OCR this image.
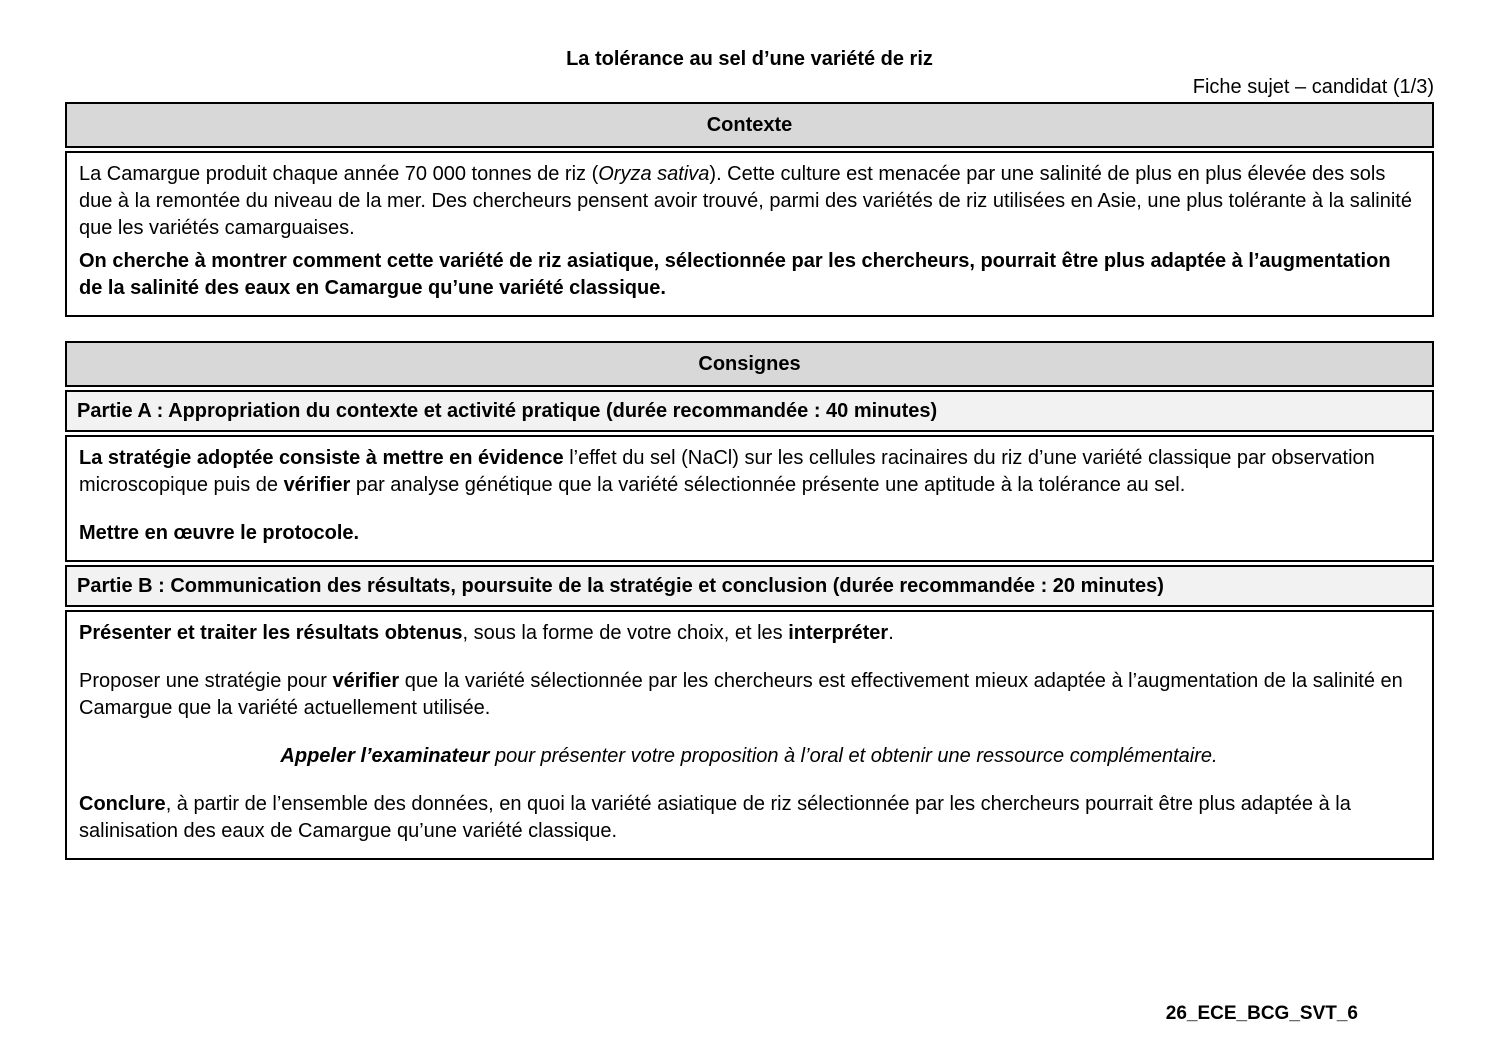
La tolérance au sel d’une variété de riz
Fiche sujet – candidat (1/3)
Contexte

La Camargue produit chaque année 70 000 tonnes de riz (Oryza sativa). Cette culture est menacée par une salinité de plus en plus élevée des sols due à la remontée du niveau de la mer. Des chercheurs pensent avoir trouvé, parmi des variétés de riz utilisées en Asie, une plus tolérante à la salinité que les variétés camarguaises.

On cherche à montrer comment cette variété de riz asiatique, sélectionnée par les chercheurs, pourrait être plus adaptée à l’augmentation de la salinité des eaux en Camargue qu’une variété classique.

Consignes
Partie A : Appropriation du contexte et activité pratique (durée recommandée : 40 minutes)

La stratégie adoptée consiste à mettre en évidence l’effet du sel (NaCl) sur les cellules racinaires du riz d’une variété classique par observation microscopique puis de vérifier par analyse génétique que la variété sélectionnée présente une aptitude à la tolérance au sel.

Mettre en œuvre le protocole.

Partie B : Communication des résultats, poursuite de la stratégie et conclusion (durée recommandée : 20 minutes)

Présenter et traiter les résultats obtenus, sous la forme de votre choix, et les interpréter.

Proposer une stratégie pour vérifier que la variété sélectionnée par les chercheurs est effectivement mieux adaptée à l’augmentation de la salinité en Camargue que la variété actuellement utilisée.

Appeler l’examinateur pour présenter votre proposition à l’oral et obtenir une ressource complémentaire.

Conclure, à partir de l’ensemble des données, en quoi la variété asiatique de riz sélectionnée par les chercheurs pourrait être plus adaptée à la salinisation des eaux de Camargue qu’une variété classique.

26_ECE_BCG_SVT_6
